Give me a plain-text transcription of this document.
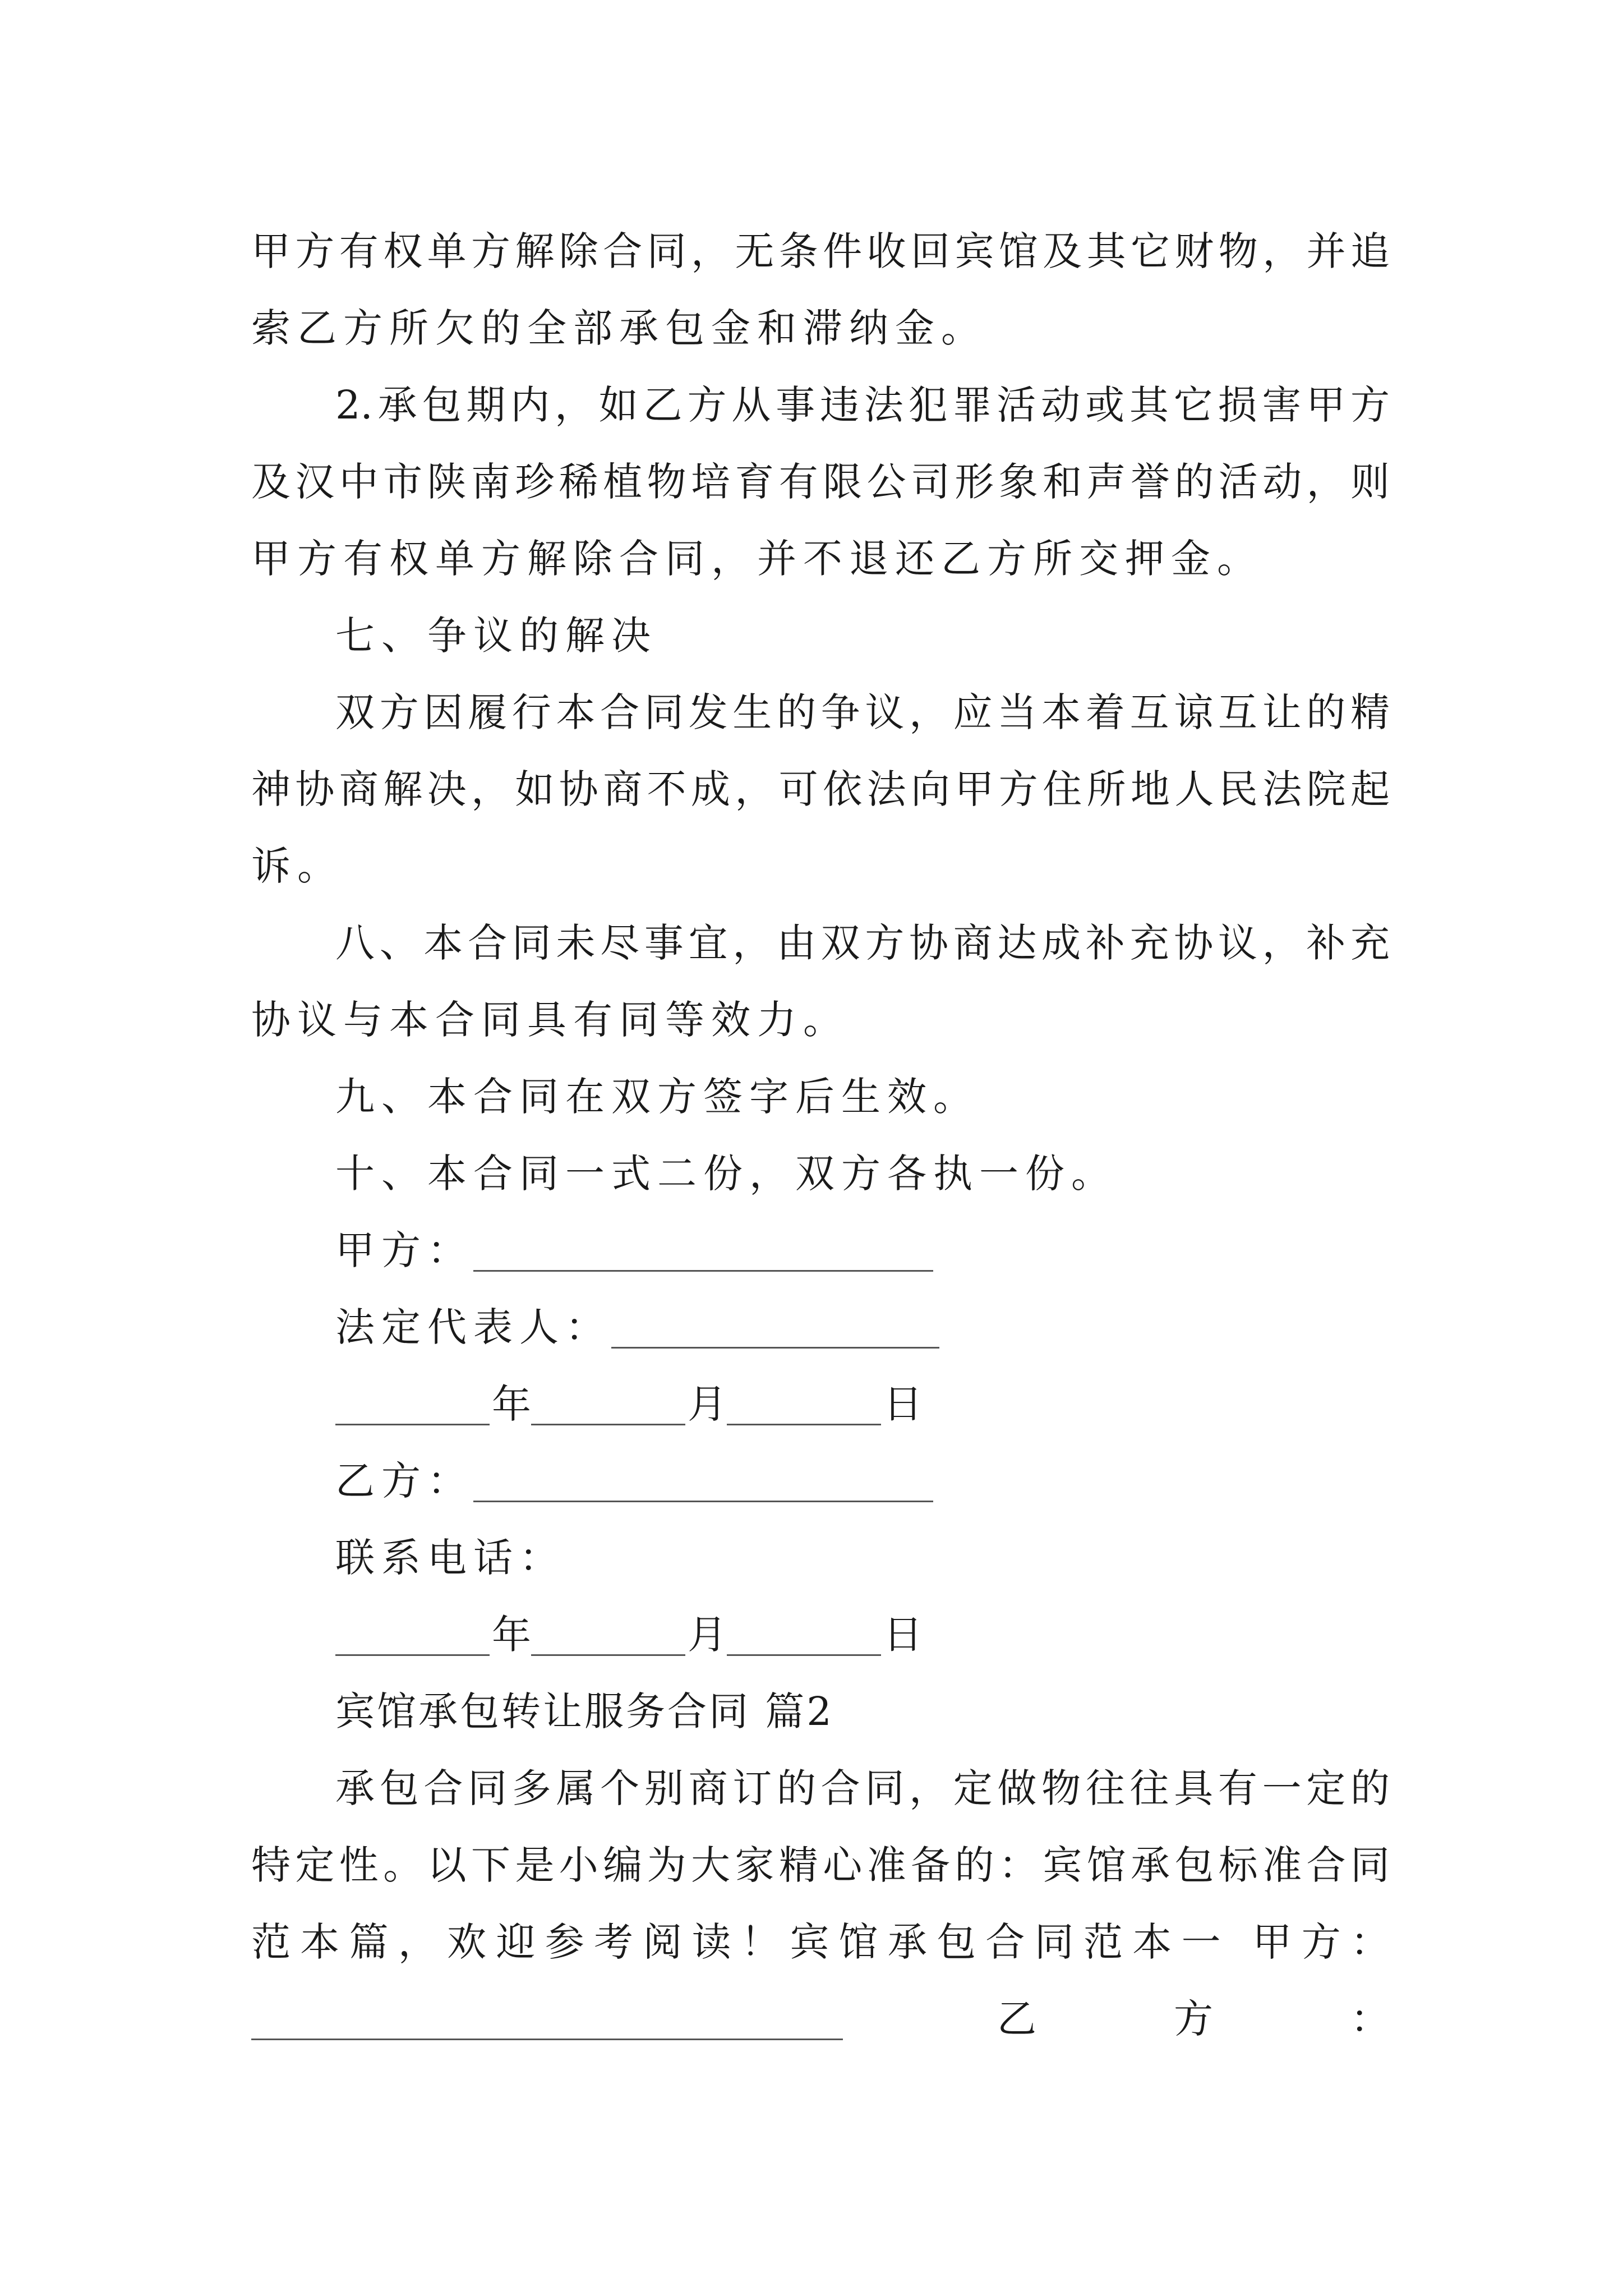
甲方有权单方解除合同，无条件收回宾馆及其它财物，并追
索乙方所欠的全部承包金和滞纳金。
2.承包期内，如乙方从事违法犯罪活动或其它损害甲方
及汉中市陕南珍稀植物培育有限公司形象和声誉的活动，则
甲方有权单方解除合同，并不退还乙方所交押金。
七、争议的解决
双方因履行本合同发生的争议，应当本着互谅互让的精
神协商解决，如协商不成，可依法向甲方住所地人民法院起
诉。
八、本合同未尽事宜，由双方协商达成补充协议，补充
协议与本合同具有同等效力。
九、本合同在双方签字后生效。
十、本合同一式二份，双方各执一份。
甲方：
法定代表人：
年	月	日
乙方：
联系电话：
年	月	日
宾馆承包转让服务合同 篇2
承包合同多属个别商订的合同，定做物往往具有一定的
特定性。以下是小编为大家精心准备的：宾馆承包标准合同
范本篇，欢迎参考阅读！宾馆承包合同范本一 甲方：
乙	方	：
